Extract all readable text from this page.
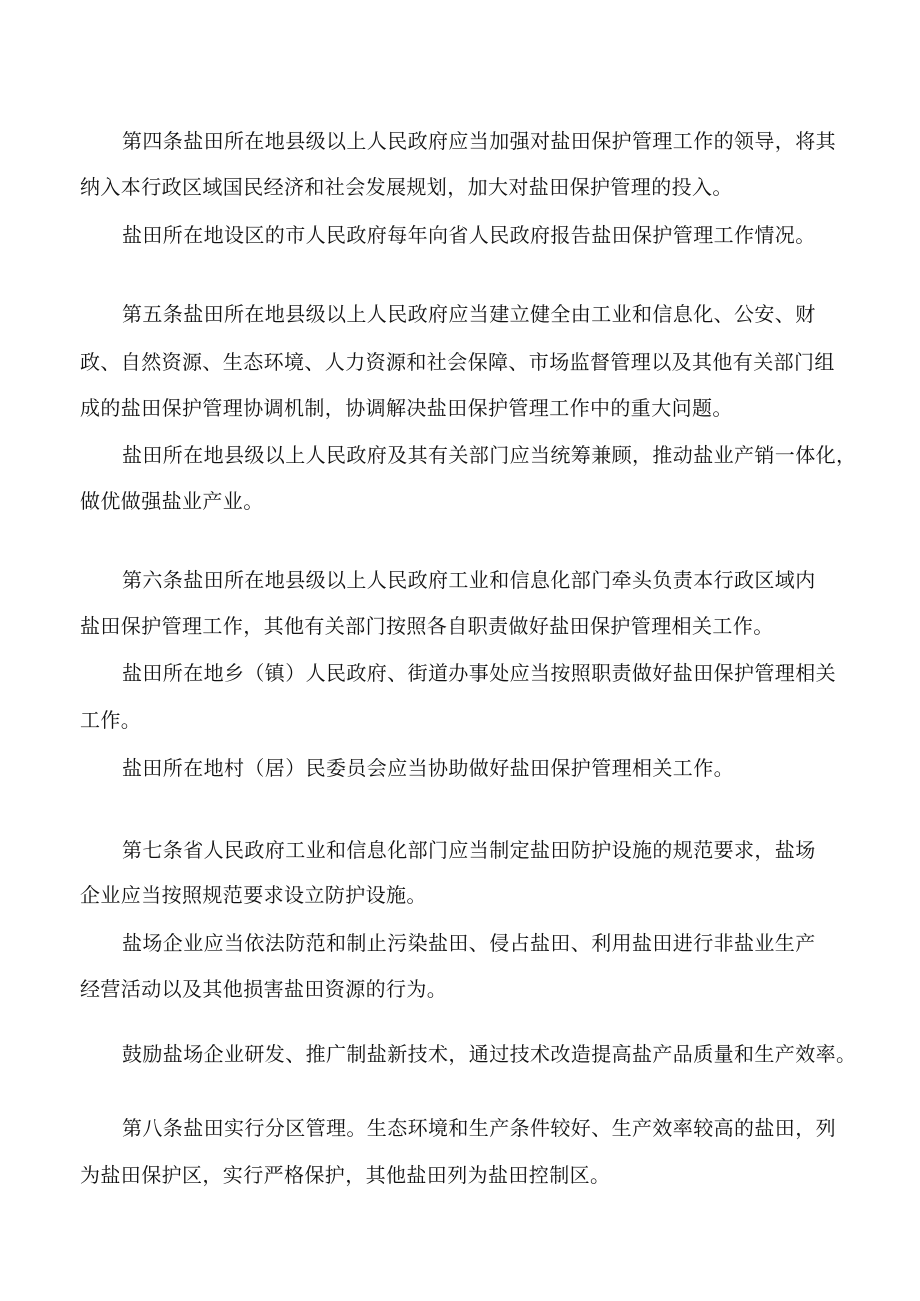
第四条盐田所在地县级以上人民政府应当加强对盐田保护管理工作的领导，将其

纳入本行政区域国民经济和社会发展规划，加大对盐田保护管理的投入。

盐田所在地设区的市人民政府每年向省人民政府报告盐田保护管理工作情况。

第五条盐田所在地县级以上人民政府应当建立健全由工业和信息化、公安、财

政、自然资源、生态环境、人力资源和社会保障、市场监督管理以及其他有关部门组

成的盐田保护管理协调机制，协调解决盐田保护管理工作中的重大问题。

盐田所在地县级以上人民政府及其有关部门应当统筹兼顾，推动盐业产销一体化，

做优做强盐业产业。

第六条盐田所在地县级以上人民政府工业和信息化部门牵头负责本行政区域内

盐田保护管理工作，其他有关部门按照各自职责做好盐田保护管理相关工作。

盐田所在地乡（镇）人民政府、街道办事处应当按照职责做好盐田保护管理相关

工作。

盐田所在地村（居）民委员会应当协助做好盐田保护管理相关工作。

第七条省人民政府工业和信息化部门应当制定盐田防护设施的规范要求，盐场

企业应当按照规范要求设立防护设施。

盐场企业应当依法防范和制止污染盐田、侵占盐田、利用盐田进行非盐业生产

经营活动以及其他损害盐田资源的行为。

鼓励盐场企业研发、推广制盐新技术，通过技术改造提高盐产品质量和生产效率。

第八条盐田实行分区管理。生态环境和生产条件较好、生产效率较高的盐田，列

为盐田保护区，实行严格保护，其他盐田列为盐田控制区。
